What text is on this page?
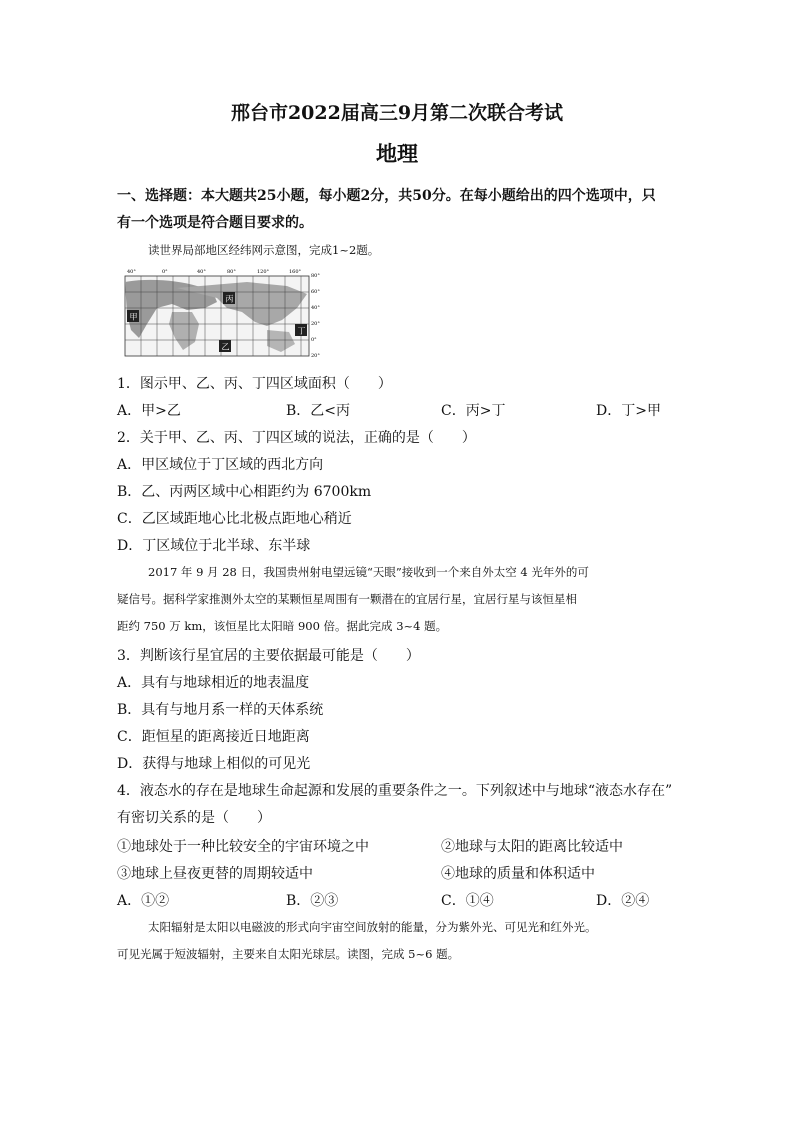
邢台市2022届高三9月第二次联合考试
地理
一、选择题：本大题共25小题，每小题2分，共50分。在每小题给出的四个选项中，只
有一个选项是符合题目要求的。
读世界局部地区经纬网示意图，完成1~2题。
40°	0°	40°	80°	120°	160°
80°
60°
40°
20°
0°
20°
甲
乙
丙
丁
1．图示甲、乙、丙、丁四区域面积（　　）
A．甲>乙	B．乙<丙	C．丙>丁	D．丁>甲
2．关于甲、乙、丙、丁四区域的说法，正确的是（　　）
A．甲区域位于丁区域的西北方向
B．乙、丙两区域中心相距约为 6700km
C．乙区域距地心比北极点距地心稍近
D．丁区域位于北半球、东半球
2017 年 9 月 28 日，我国贵州射电望远镜“天眼”接收到一个来自外太空 4 光年外的可
疑信号。据科学家推测外太空的某颗恒星周围有一颗潜在的宜居行星，宜居行星与该恒星相
距约 750 万 km，该恒星比太阳暗 900 倍。据此完成 3~4 题。
3．判断该行星宜居的主要依据最可能是（　　）
A．具有与地球相近的地表温度
B．具有与地月系一样的天体系统
C．距恒星的距离接近日地距离
D．获得与地球上相似的可见光
4．液态水的存在是地球生命起源和发展的重要条件之一。下列叙述中与地球“液态水存在”
有密切关系的是（　　）
①地球处于一种比较安全的宇宙环境之中	②地球与太阳的距离比较适中
③地球上昼夜更替的周期较适中	④地球的质量和体积适中
A．①②	B．②③	C．①④	D．②④
太阳辐射是太阳以电磁波的形式向宇宙空间放射的能量，分为紫外光、可见光和红外光。
可见光属于短波辐射，主要来自太阳光球层。读图，完成 5~6 题。
